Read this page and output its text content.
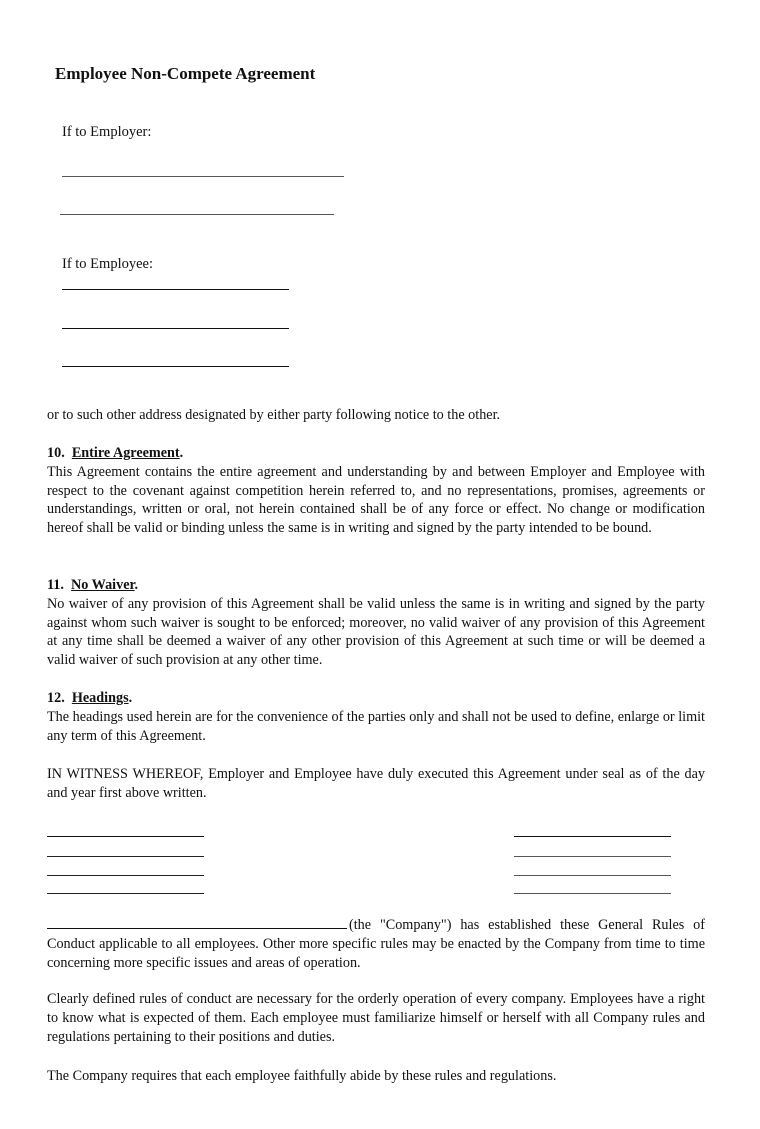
Employee Non-Compete Agreement
If to Employer:
If to Employee:
or to such other address designated by either party following notice to the other.
10. Entire Agreement.
This Agreement contains the entire agreement and understanding by and between Employer and Employee with respect to the covenant against competition herein referred to, and no representations, promises, agreements or understandings, written or oral, not herein contained shall be of any force or effect. No change or modification hereof shall be valid or binding unless the same is in writing and signed by the party intended to be bound.
11. No Waiver.
No waiver of any provision of this Agreement shall be valid unless the same is in writing and signed by the party against whom such waiver is sought to be enforced; moreover, no valid waiver of any provision of this Agreement at any time shall be deemed a waiver of any other provision of this Agreement at such time or will be deemed a valid waiver of such provision at any other time.
12. Headings.
The headings used herein are for the convenience of the parties only and shall not be used to define, enlarge or limit any term of this Agreement.
IN WITNESS WHEREOF, Employer and Employee have duly executed this Agreement under seal as of the day and year first above written.
(the "Company") has established these General Rules of Conduct applicable to all employees. Other more specific rules may be enacted by the Company from time to time concerning more specific issues and areas of operation.
Clearly defined rules of conduct are necessary for the orderly operation of every company. Employees have a right to know what is expected of them. Each employee must familiarize himself or herself with all Company rules and regulations pertaining to their positions and duties.
The Company requires that each employee faithfully abide by these rules and regulations.
